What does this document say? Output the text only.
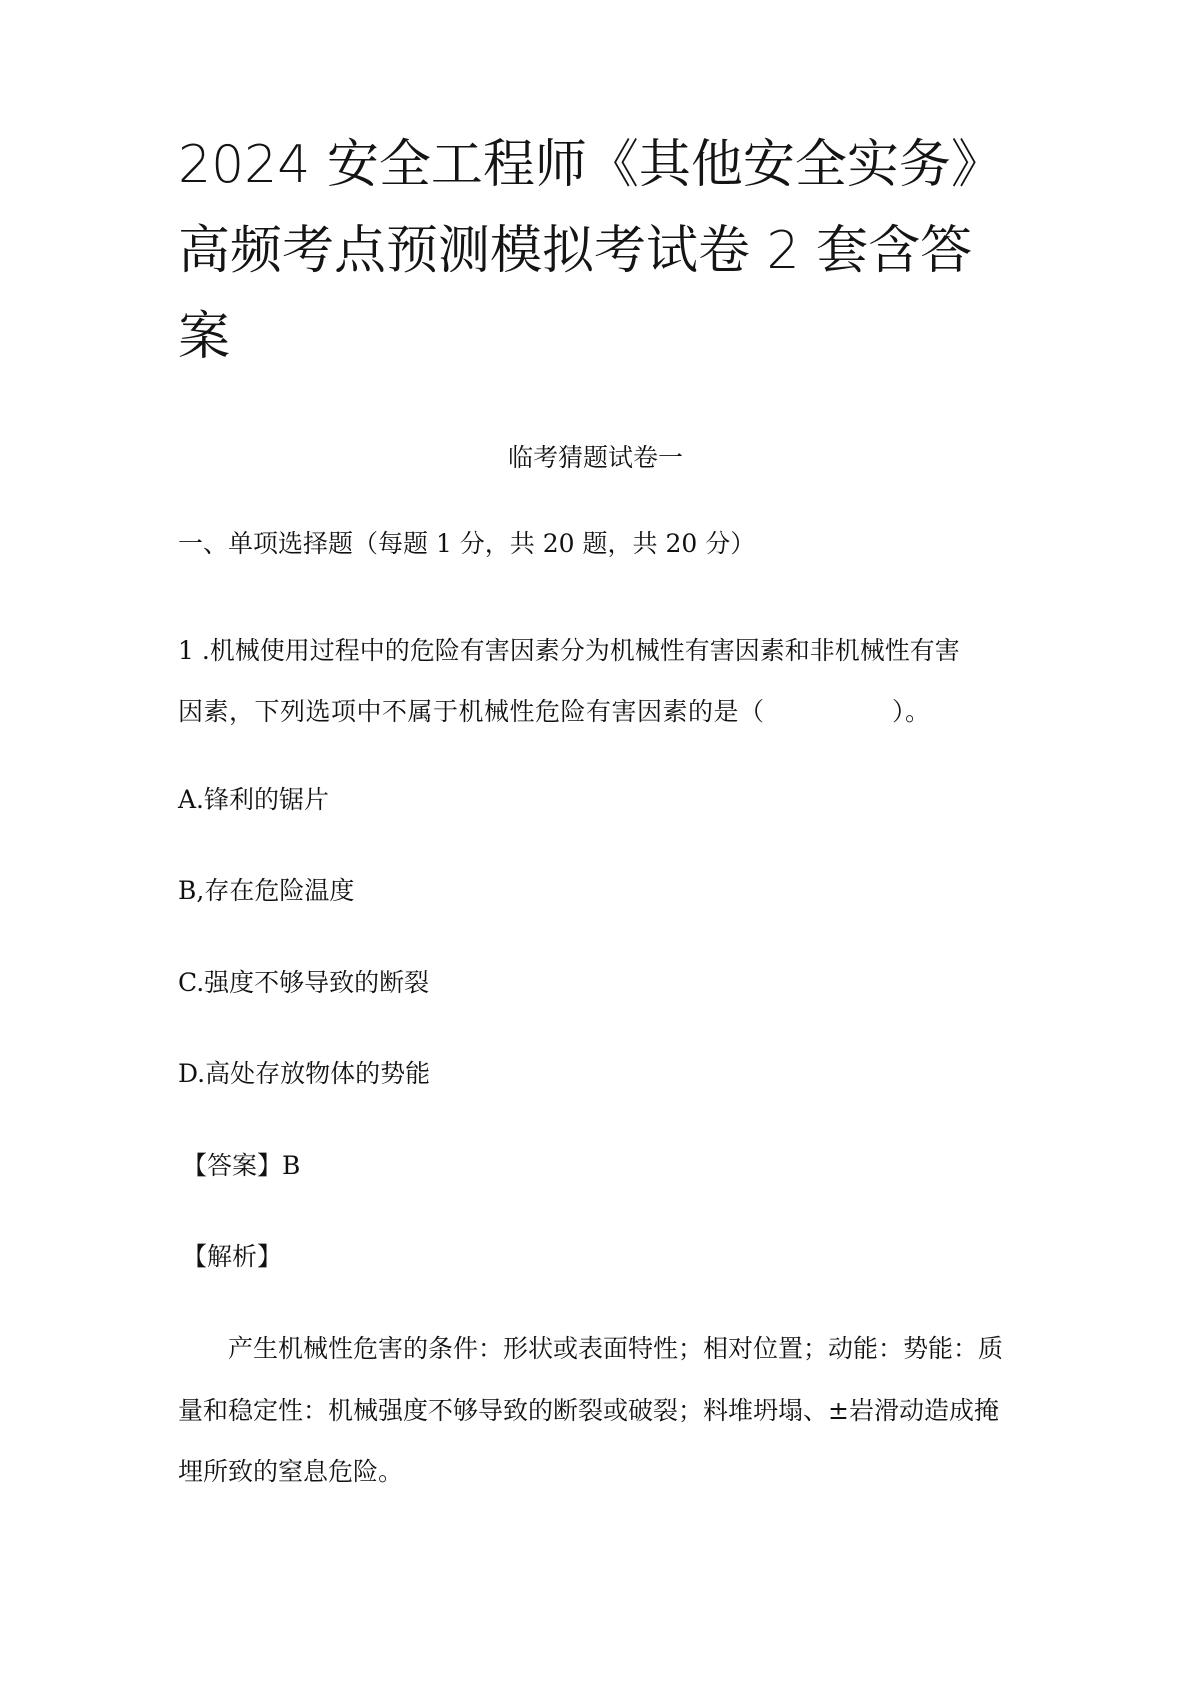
2024 安全工程师《其他安全实务》
高频考点预测模拟考试卷 2 套含答
案
临考猜题试卷一
一、单项选择题（每题 1 分，共 20 题，共 20 分）
1 .机械使用过程中的危险有害因素分为机械性有害因素和非机械性有害
因素，下列选项中不属于机械性危险有害因素的是（　　　　　）。
A.锋利的锯片
B,存在危险温度
C.强度不够导致的断裂
D.高处存放物体的势能
【答案】B
【解析】
　　产生机械性危害的条件：形状或表面特性；相对位置；动能：势能：质
量和稳定性：机械强度不够导致的断裂或破裂；料堆坍塌、±岩滑动造成掩
埋所致的窒息危险。
